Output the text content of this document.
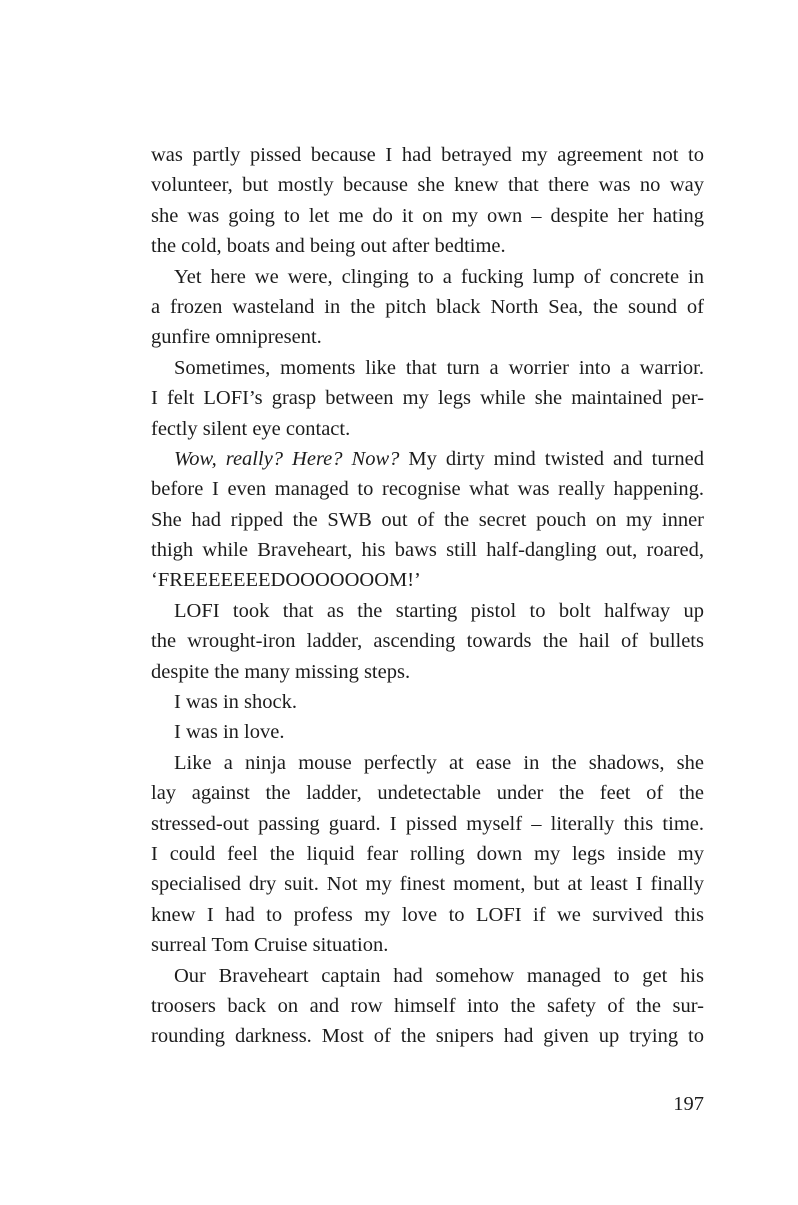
was partly pissed because I had betrayed my agreement not to
volunteer, but mostly because she knew that there was no way
she was going to let me do it on my own – despite her hating
the cold, boats and being out after bedtime.
Yet here we were, clinging to a fucking lump of concrete in
a frozen wasteland in the pitch black North Sea, the sound of
gunfire omnipresent.
Sometimes, moments like that turn a worrier into a warrior.
I felt LOFI’s grasp between my legs while she maintained per-
fectly silent eye contact.
Wow, really? Here? Now? My dirty mind twisted and turned
before I even managed to recognise what was really happening.
She had ripped the SWB out of the secret pouch on my inner
thigh while Braveheart, his baws still half-dangling out, roared,
‘FREEEEEEEDOOOOOOOM!’
LOFI took that as the starting pistol to bolt halfway up
the wrought-iron ladder, ascending towards the hail of bullets
despite the many missing steps.
I was in shock.
I was in love.
Like a ninja mouse perfectly at ease in the shadows, she
lay against the ladder, undetectable under the feet of the
stressed-out passing guard. I pissed myself – literally this time.
I could feel the liquid fear rolling down my legs inside my
specialised dry suit. Not my finest moment, but at least I finally
knew I had to profess my love to LOFI if we survived this
surreal Tom Cruise situation.
Our Braveheart captain had somehow managed to get his
troosers back on and row himself into the safety of the sur-
rounding darkness. Most of the snipers had given up trying to
197
